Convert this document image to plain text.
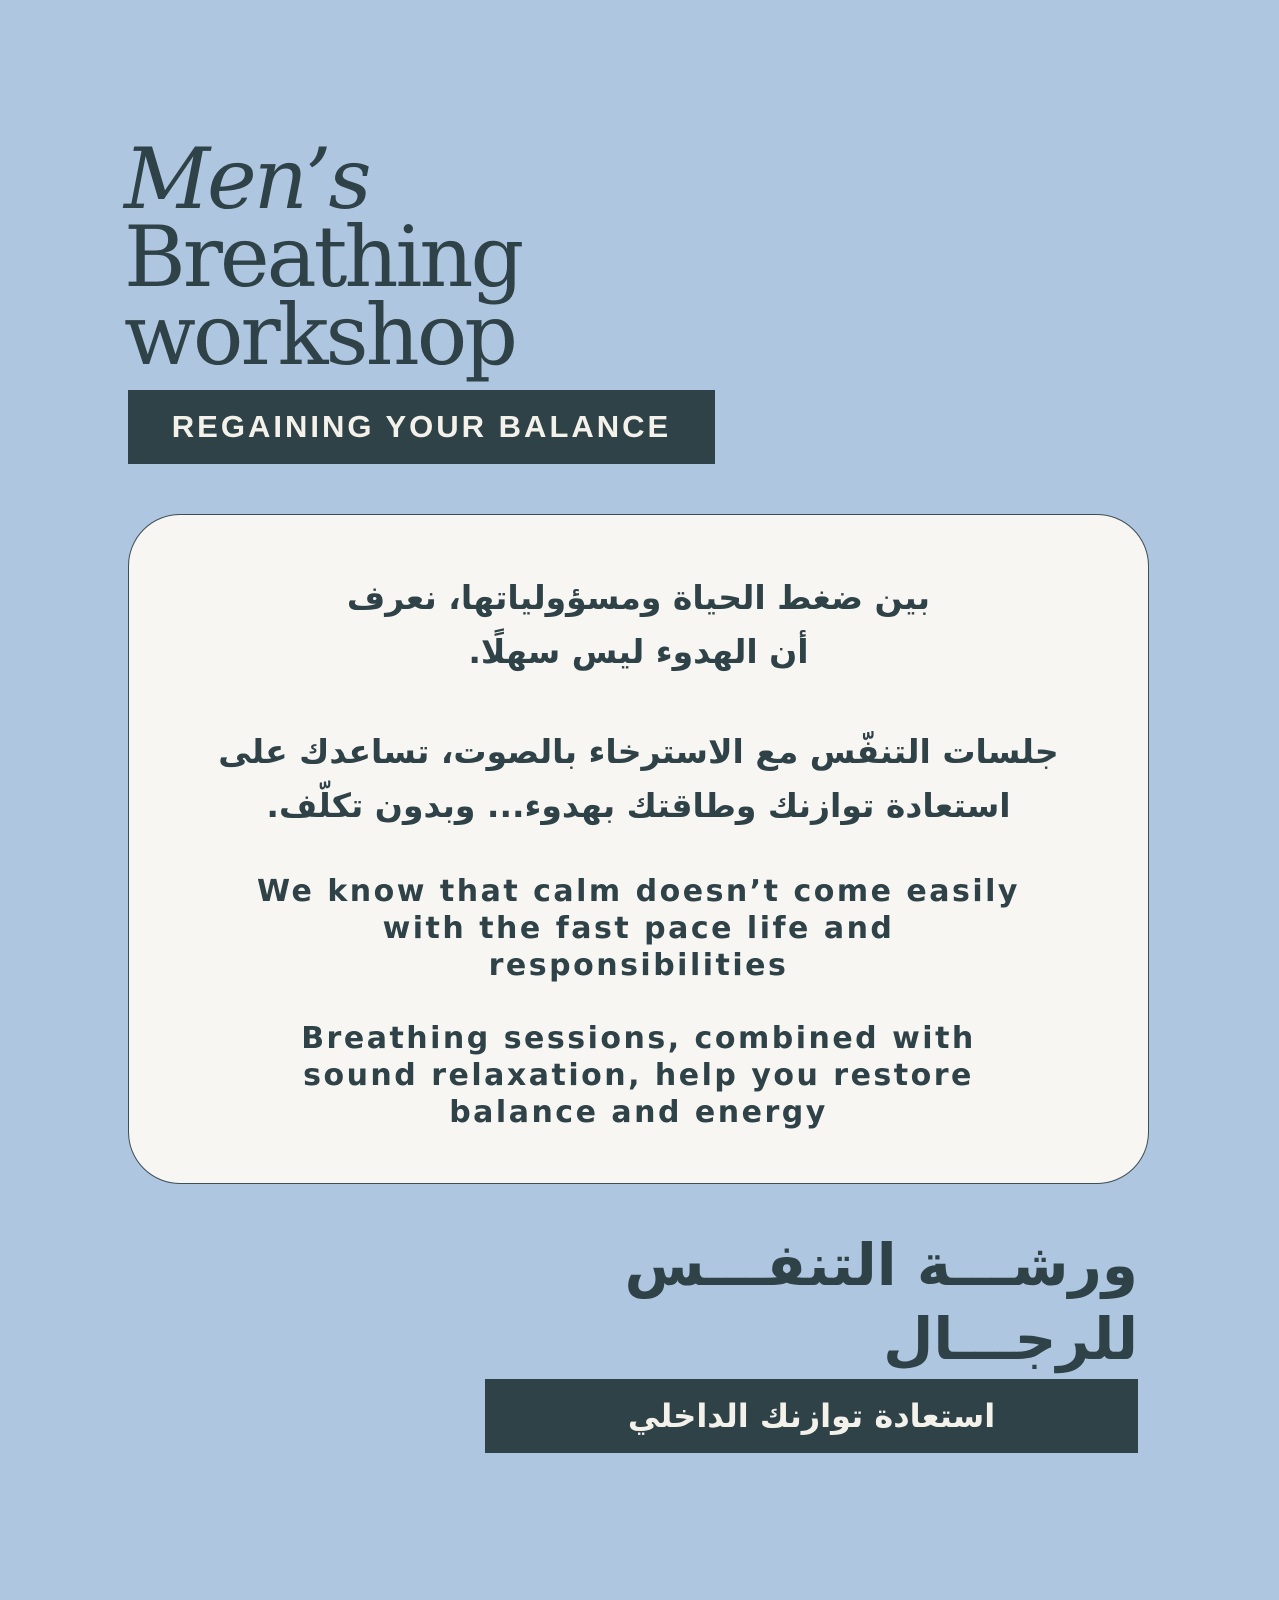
Men’s
Breathing
workshop
REGAINING YOUR BALANCE
بين ضغط الحياة ومسؤولياتها، نعرف
أن الهدوء ليس سهلًا.
جلسات التنفّس مع الاسترخاء بالصوت، تساعدك على
استعادة توازنك وطاقتك بهدوء... وبدون تكلّف.
We know that calm doesn’t come easily
with the fast pace life and
responsibilities
Breathing sessions, combined with
sound relaxation, help you restore
balance and energy
ورشـــة التنفـــس
للرجـــال
استعادة توازنك الداخلي
